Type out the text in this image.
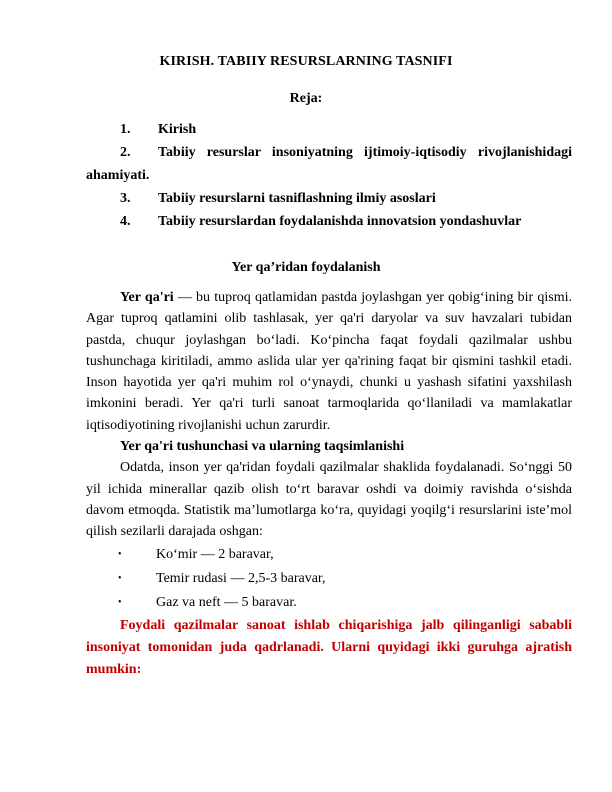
KIRISH. TABIIY RESURSLARNING TASNIFI
Reja:
1.	Kirish
2.	Tabiiy resurslar insoniyatning ijtimoiy-iqtisodiy rivojlanishidagi
ahamiyati.
3.	Tabiiy resurslarni tasniflashning ilmiy asoslari
4.	Tabiiy resurslardan foydalanishda innovatsion yondashuvlar
Yer qa’ridan foydalanish

Yer qa'ri — bu tuproq qatlamidan pastda joylashgan yer qobig‘ining bir qismi. Agar tuproq qatlamini olib tashlasak, yer qa'ri daryolar va suv havzalari tubidan pastda, chuqur joylashgan bo‘ladi. Ko‘pincha faqat foydali qazilmalar ushbu tushunchaga kiritiladi, ammo aslida ular yer qa'rining faqat bir qismini tashkil etadi. Inson hayotida yer qa'ri muhim rol o‘ynaydi, chunki u yashash sifatini yaxshilash imkonini beradi. Yer qa'ri turli sanoat tarmoqlarida qo‘llaniladi va mamlakatlar iqtisodiyotining rivojlanishi uchun zarurdir.

Yer qa'ri tushunchasi va ularning taqsimlanishi

Odatda, inson yer qa'ridan foydali qazilmalar shaklida foydalanadi. So‘nggi 50 yil ichida minerallar qazib olish to‘rt baravar oshdi va doimiy ravishda o‘sishda davom etmoqda. Statistik ma’lumotlarga ko‘ra, quyidagi yoqilg‘i resurslarini iste’mol qilish sezilarli darajada oshgan:

• Ko‘mir — 2 baravar,
• Temir rudasi — 2,5-3 baravar,
• Gaz va neft — 5 baravar.

Foydali qazilmalar sanoat ishlab chiqarishiga jalb qilinganligi sababli insoniyat tomonidan juda qadrlanadi. Ularni quyidagi ikki guruhga ajratish mumkin:
